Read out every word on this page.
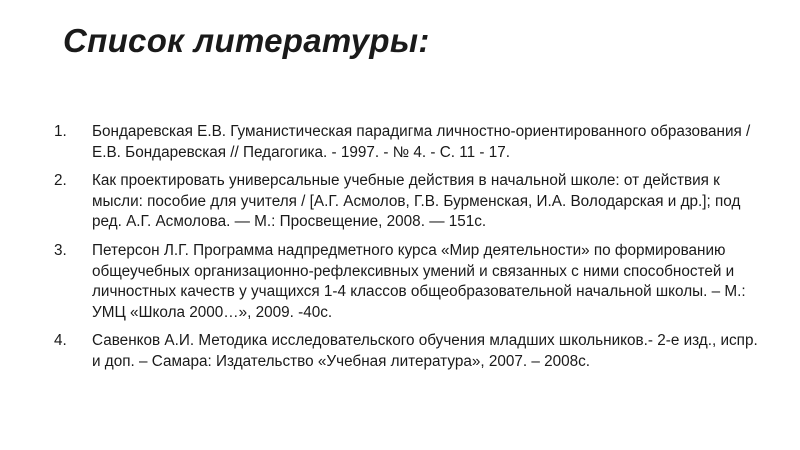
Список литературы:
1. Бондаревская Е.В. Гуманистическая парадигма личностно-ориентированного образования / Е.В. Бондаревская // Педагогика. - 1997. - № 4. - С. 11 - 17.
2. Как проектировать универсальные учебные действия в начальной школе: от действия к мысли: пособие для учителя / [А.Г. Асмолов, Г.В. Бурменская, И.А. Володарская и др.]; под ред. А.Г. Асмолова. — М.: Просвещение, 2008. — 151с.
3. Петерсон Л.Г. Программа надпредметного курса «Мир деятельности» по формированию общеучебных организационно-рефлексивных умений и связанных с ними способностей и личностных качеств у учащихся 1-4 классов общеобразовательной начальной школы. – М.: УМЦ «Школа 2000…», 2009. -40с.
4. Савенков А.И. Методика исследовательского обучения младших школьников.- 2-е изд., испр. и доп. – Самара: Издательство «Учебная литература», 2007. – 2008с.
